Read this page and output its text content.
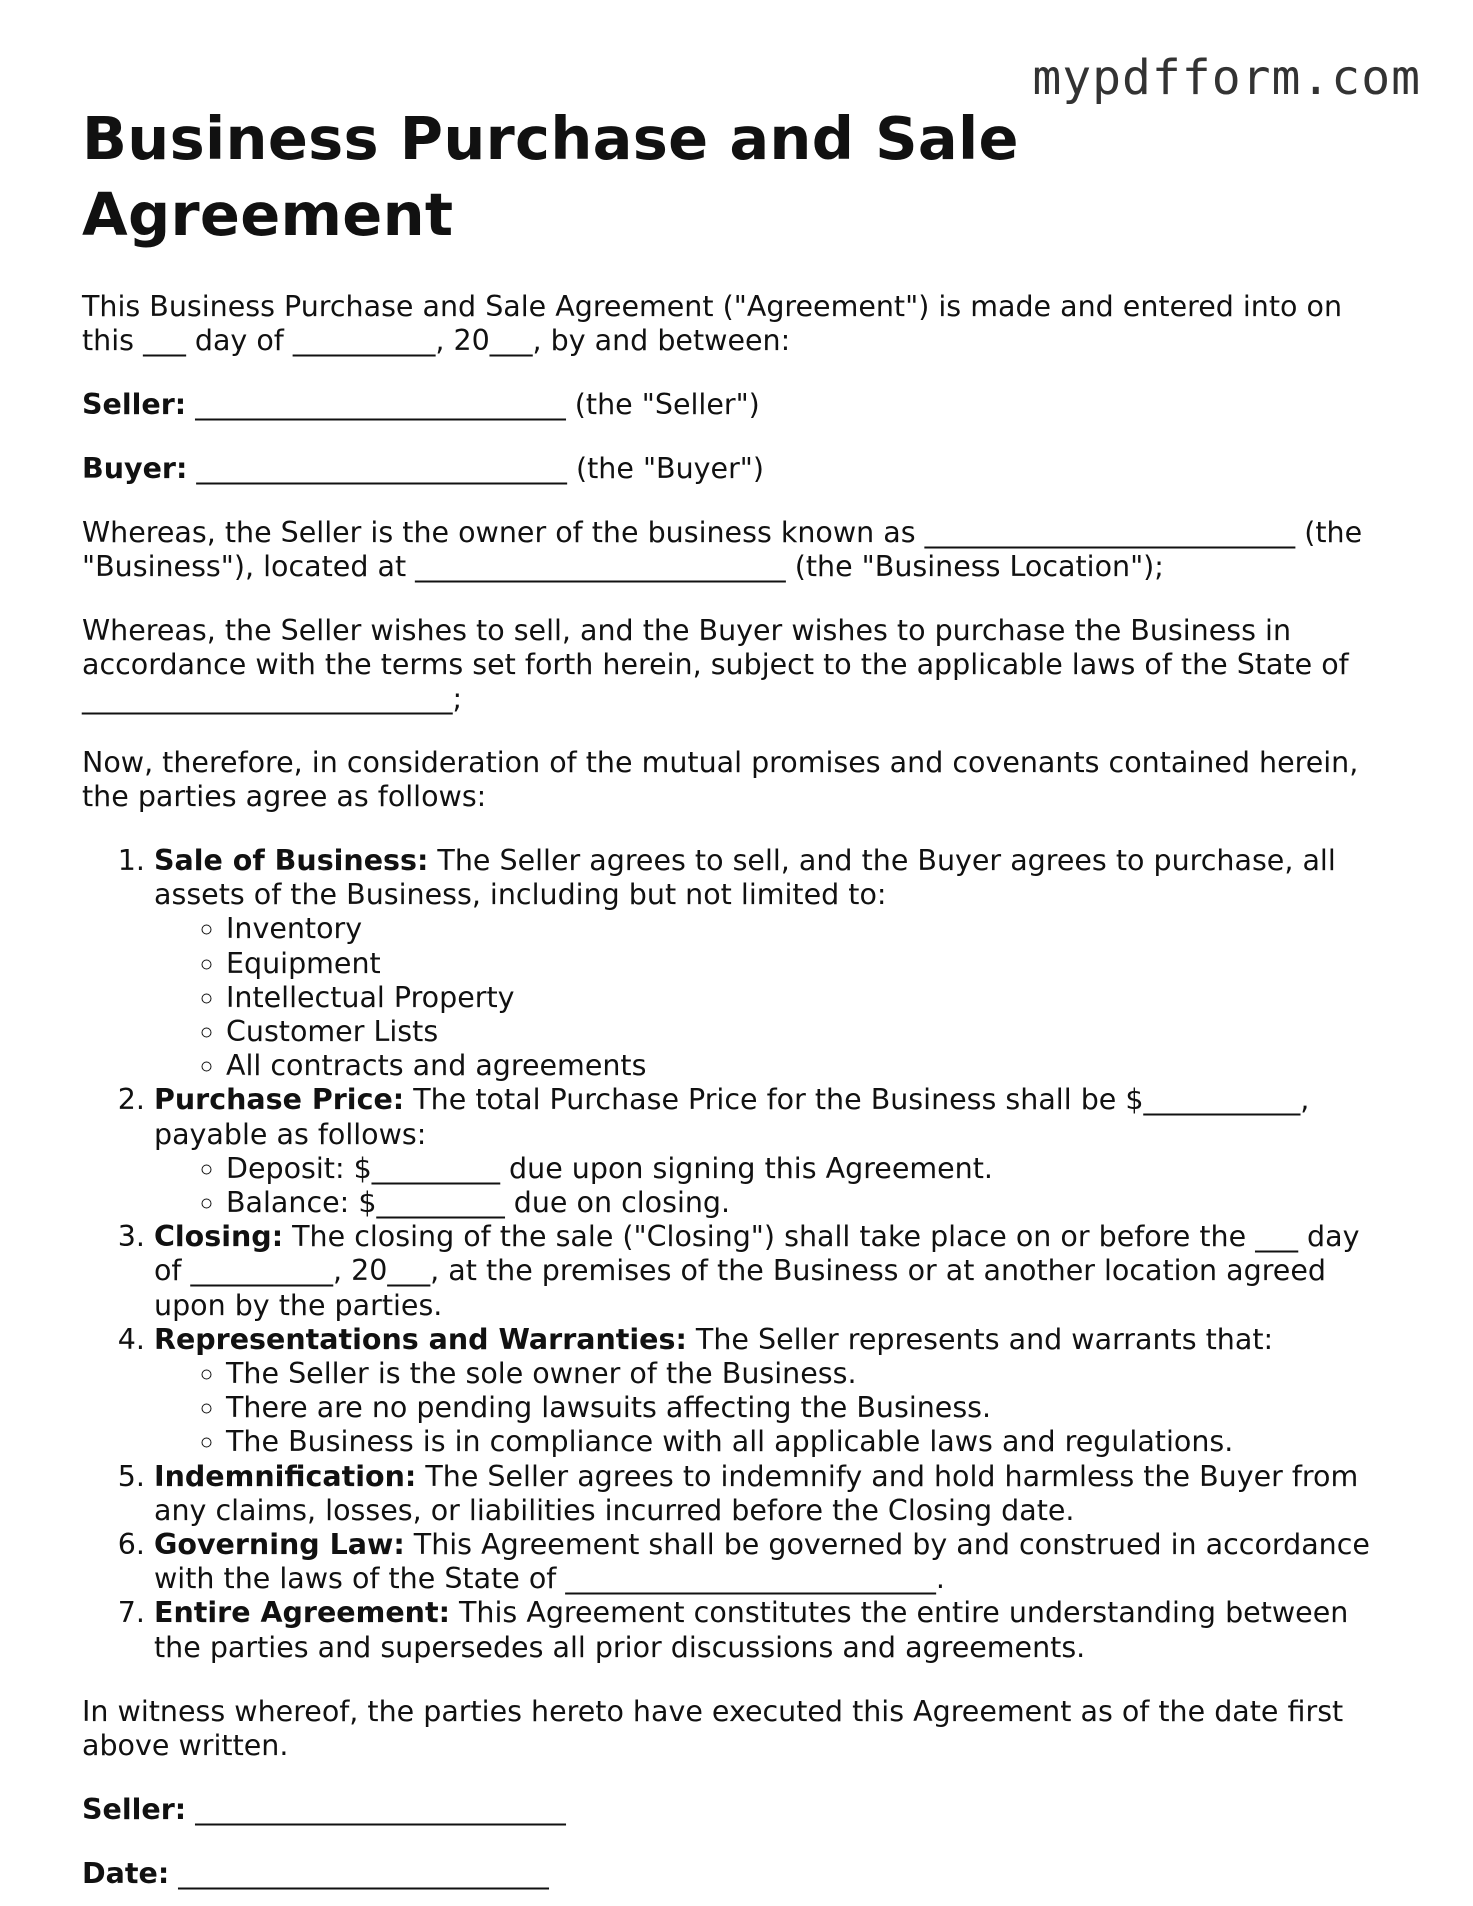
mypdfform.com
Business Purchase and Sale Agreement

This Business Purchase and Sale Agreement ("Agreement") is made and entered into on this ___ day of __________, 20___, by and between:

Seller: __________________________ (the "Seller")

Buyer: __________________________ (the "Buyer")

Whereas, the Seller is the owner of the business known as __________________________ (the "Business"), located at __________________________ (the "Business Location");

Whereas, the Seller wishes to sell, and the Buyer wishes to purchase the Business in accordance with the terms set forth herein, subject to the applicable laws of the State of __________________________;

Now, therefore, in consideration of the mutual promises and covenants contained herein, the parties agree as follows:

1. Sale of Business: The Seller agrees to sell, and the Buyer agrees to purchase, all assets of the Business, including but not limited to:
◦ Inventory
◦ Equipment
◦ Intellectual Property
◦ Customer Lists
◦ All contracts and agreements
2. Purchase Price: The total Purchase Price for the Business shall be $___________, payable as follows:
◦ Deposit: $_________ due upon signing this Agreement.
◦ Balance: $_________ due on closing.
3. Closing: The closing of the sale ("Closing") shall take place on or before the ___ day of __________, 20___, at the premises of the Business or at another location agreed upon by the parties.
4. Representations and Warranties: The Seller represents and warrants that:
◦ The Seller is the sole owner of the Business.
◦ There are no pending lawsuits affecting the Business.
◦ The Business is in compliance with all applicable laws and regulations.
5. Indemnification: The Seller agrees to indemnify and hold harmless the Buyer from any claims, losses, or liabilities incurred before the Closing date.
6. Governing Law: This Agreement shall be governed by and construed in accordance with the laws of the State of __________________________.
7. Entire Agreement: This Agreement constitutes the entire understanding between the parties and supersedes all prior discussions and agreements.

In witness whereof, the parties hereto have executed this Agreement as of the date first above written.

Seller: __________________________

Date: __________________________
